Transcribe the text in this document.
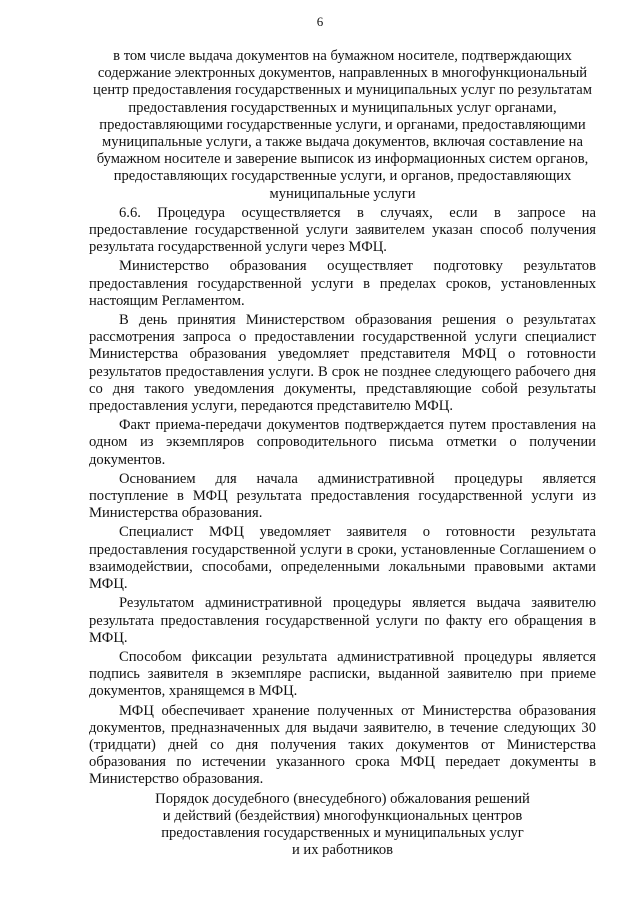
6
в том числе выдача документов на бумажном носителе, подтверждающих
содержание электронных документов, направленных в многофункциональный
центр предоставления государственных и муниципальных услуг по результатам
предоставления государственных и муниципальных услуг органами,
предоставляющими государственные услуги, и органами, предоставляющими
муниципальные услуги, а также выдача документов, включая составление на
бумажном носителе и заверение выписок из информационных систем органов,
предоставляющих государственные услуги, и органов, предоставляющих
муниципальные услуги

6.6. Процедура осуществляется в случаях, если в запросе на предоставление государственной услуги заявителем указан способ получения результата государственной услуги через МФЦ.

Министерство образования осуществляет подготовку результатов предоставления государственной услуги в пределах сроков, установленных настоящим Регламентом.

В день принятия Министерством образования решения о результатах рассмотрения запроса о предоставлении государственной услуги специалист Министерства образования уведомляет представителя МФЦ о готовности результатов предоставления услуги. В срок не позднее следующего рабочего дня со дня такого уведомления документы, представляющие собой результаты предоставления услуги, передаются представителю МФЦ.

Факт приема-передачи документов подтверждается путем проставления на одном из экземпляров сопроводительного письма отметки о получении документов.

Основанием для начала административной процедуры является поступление в МФЦ результата предоставления государственной услуги из Министерства образования.

Специалист МФЦ уведомляет заявителя о готовности результата предоставления государственной услуги в сроки, установленные Соглашением о взаимодействии, способами, определенными локальными правовыми актами МФЦ.

Результатом административной процедуры является выдача заявителю результата предоставления государственной услуги по факту его обращения в МФЦ.

Способом фиксации результата административной процедуры является подпись заявителя в экземпляре расписки, выданной заявителю при приеме документов, хранящемся в МФЦ.

МФЦ обеспечивает хранение полученных от Министерства образования документов, предназначенных для выдачи заявителю, в течение следующих 30 (тридцати) дней со дня получения таких документов от Министерства образования по истечении указанного срока МФЦ передает документы в Министерство образования.

Порядок досудебного (внесудебного) обжалования решений
и действий (бездействия) многофункциональных центров
предоставления государственных и муниципальных услуг
и их работников
